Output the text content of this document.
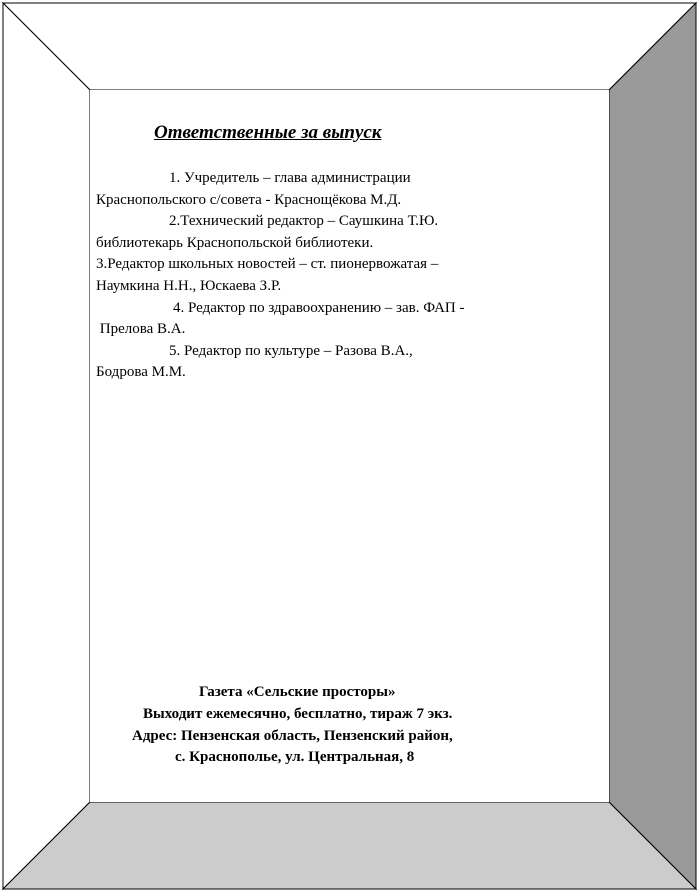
Ответственные за выпуск
1. Учредитель – глава администрации
Краснопольского с/совета - Краснощёкова М.Д.
2.Технический редактор – Саушкина Т.Ю.
библиотекарь Краснопольской библиотеки.
3.Редактор школьных новостей – ст. пионервожатая –
Наумкина Н.Н., Юскаева З.Р.
4. Редактор по здравоохранению – зав. ФАП -
Прелова В.А.
5. Редактор по культуре – Разова В.А.,
Бодрова М.М.
Газета «Сельские просторы»
Выходит ежемесячно, бесплатно, тираж 7 экз.
Адрес: Пензенская область, Пензенский район,
с. Краснополье, ул. Центральная, 8
